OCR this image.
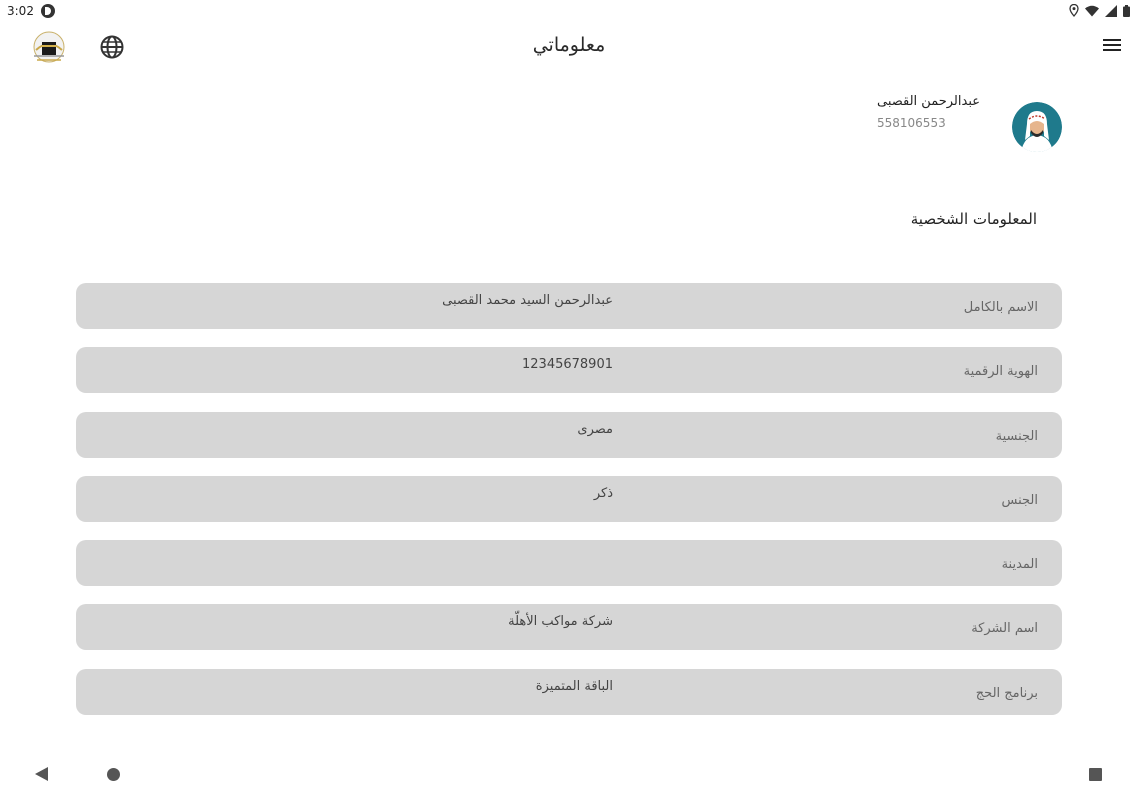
3:02
معلوماتي
عبدالرحمن القصبى
558106553
المعلومات الشخصية
الاسم بالكامل
عبدالرحمن السيد محمد القصبى
الهوية الرقمية
12345678901
الجنسية
مصرى
الجنس
ذكر
المدينة
اسم الشركة
شركة مواكب الأهلّة
برنامج الحج
الباقة المتميزة
